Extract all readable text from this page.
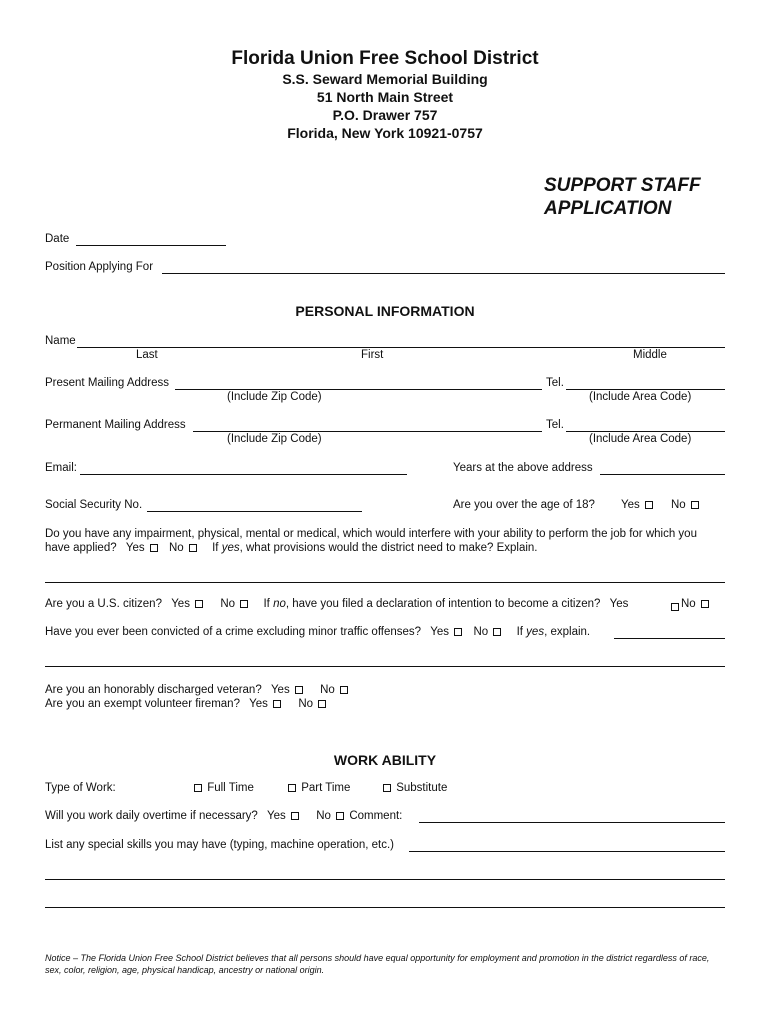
Florida Union Free School District
S.S. Seward Memorial Building
51 North Main Street
P.O. Drawer 757
Florida, New York 10921-0757
SUPPORT STAFF
APPLICATION
Date
Position Applying For
PERSONAL INFORMATION
Name
Last	First	Middle
Present Mailing Address	Tel.
(Include Zip Code)	(Include Area Code)
Permanent Mailing Address	Tel.
(Include Zip Code)	(Include Area Code)
Email:	Years at the above address
Social Security No.	Are you over the age of 18? Yes	No
Do you have any impairment, physical, mental or medical, which would interfere with your ability to perform the job for which you
have applied? Yes No If yes, what provisions would the district need to make? Explain.
Are you a U.S. citizen? Yes	No If no, have you filed a declaration of intention to become a citizen? Yes	No
Have you ever been convicted of a crime excluding minor traffic offenses? Yes No If yes, explain.
Are you an honorably discharged veteran? Yes	No
Are you an exempt volunteer fireman? Yes	No
WORK ABILITY
Type of Work:	Full Time	Part Time	Substitute
Will you work daily overtime if necessary? Yes	No Comment:
List any special skills you may have (typing, machine operation, etc.)
Notice – The Florida Union Free School District believes that all persons should have equal opportunity for employment and promotion in the district regardless of race, sex, color, religion, age, physical handicap, ancestry or national origin.
